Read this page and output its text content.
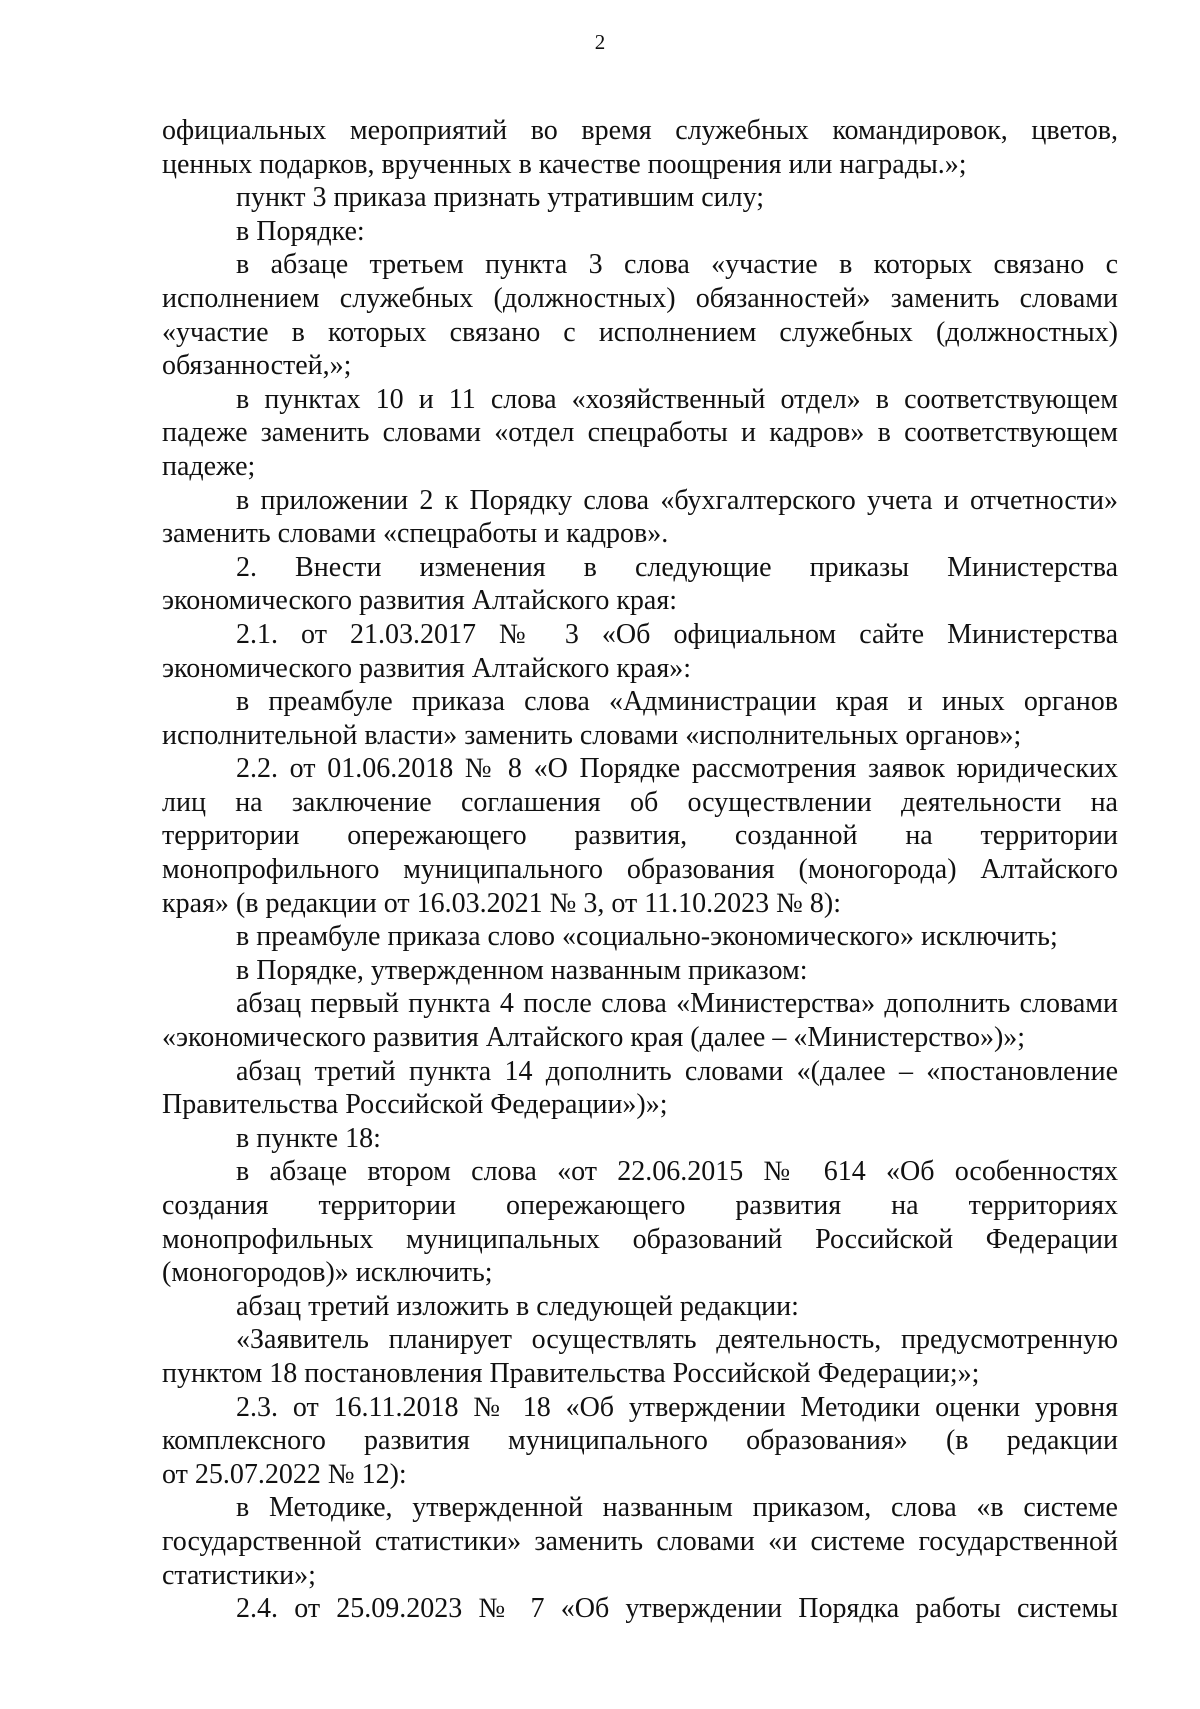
2
официальных мероприятий во время служебных командировок, цветов,
ценных подарков, врученных в качестве поощрения или награды.»;
пункт 3 приказа признать утратившим силу;
в Порядке:
в абзаце третьем пункта 3 слова «участие в которых связано с
исполнением служебных (должностных) обязанностей» заменить словами
«участие в которых связано с исполнением служебных (должностных)
обязанностей,»;
в пунктах 10 и 11 слова «хозяйственный отдел» в соответствующем
падеже заменить словами «отдел спецработы и кадров» в соответствующем
падеже;
в приложении 2 к Порядку слова «бухгалтерского учета и отчетности»
заменить словами «спецработы и кадров».
2. Внести изменения в следующие приказы Министерства
экономического развития Алтайского края:
2.1. от 21.03.2017 № 3 «Об официальном сайте Министерства
экономического развития Алтайского края»:
в преамбуле приказа слова «Администрации края и иных органов
исполнительной власти» заменить словами «исполнительных органов»;
2.2. от 01.06.2018 № 8 «О Порядке рассмотрения заявок юридических
лиц на заключение соглашения об осуществлении деятельности на
территории опережающего развития, созданной на территории
монопрофильного муниципального образования (моногорода) Алтайского
края» (в редакции от 16.03.2021 № 3, от 11.10.2023 № 8):
в преамбуле приказа слово «социально-экономического» исключить;
в Порядке, утвержденном названным приказом:
абзац первый пункта 4 после слова «Министерства» дополнить словами
«экономического развития Алтайского края (далее – «Министерство»)»;
абзац третий пункта 14 дополнить словами «(далее – «постановление
Правительства Российской Федерации»)»;
в пункте 18:
в абзаце втором слова «от 22.06.2015 № 614 «Об особенностях
создания территории опережающего развития на территориях
монопрофильных муниципальных образований Российской Федерации
(моногородов)» исключить;
абзац третий изложить в следующей редакции:
«Заявитель планирует осуществлять деятельность, предусмотренную
пунктом 18 постановления Правительства Российской Федерации;»;
2.3. от 16.11.2018 № 18 «Об утверждении Методики оценки уровня
комплексного развития муниципального образования» (в редакции
от 25.07.2022 № 12):
в Методике, утвержденной названным приказом, слова «в системе
государственной статистики» заменить словами «и системе государственной
статистики»;
2.4. от 25.09.2023 № 7 «Об утверждении Порядка работы системы
